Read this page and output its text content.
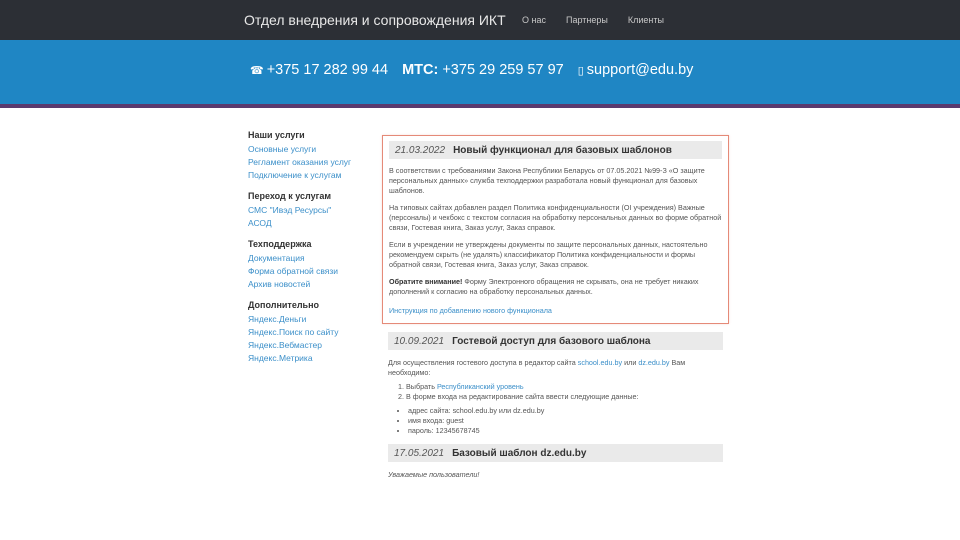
Отдел внедрения и сопровождения ИКТ О нас Партнеры Клиенты
☎ +375 17 282 99 44 МТС: +375 29 259 57 97 ▯ support@edu.by
Наши услуги
Основные услуги
Регламент оказания услуг
Подключение к услугам
Переход к услугам
СМС "Ивэд Ресурсы"
АСОД
Техподдержка
Документация
Форма обратной связи
Архив новостей
Дополнительно
Яндекс.Деньги
Яндекс.Поиск по сайту
Яндекс.Вебмастер
Яндекс.Метрика
21.03.2022 Новый функционал для базовых шаблонов

В соответствии с требованиями Закона Республики Беларусь от 07.05.2021 №99-З «О защите персональных данных» служба техподдержки разработала новый функционал для базовых шаблонов.

На типовых сайтах добавлен раздел Политика конфиденциальности (ОI учреждения) Важные (персоналы) и чекбокс с текстом согласия на обработку персональных данных во форме обратной связи, Гостевая книга, Заказ услуг, Заказ справок.

Если в учреждении не утверждены документы по защите персональных данных, настоятельно рекомендуем скрыть (не удалять) классификатор Политика конфиденциальности и формы обратной связи, Гостевая книга, Заказ услуг, Заказ справок.

Обратите внимание! Форму Электронного обращения не скрывать, она не требует никаких дополнений к согласию на обработку персональных данных.

Инструкция по добавлению нового функционала
10.09.2021 Гостевой доступ для базового шаблона

Для осуществления гостевого доступа в редактор сайта school.edu.by или dz.edu.by Вам необходимо:

1. Выбрать Республиканский уровень
2. В форме входа на редактирование сайта ввести следующие данные:
• адрес сайта: school.edu.by или dz.edu.by
• имя входа: guest
• пароль: 12345678745
17.05.2021 Базовый шаблон dz.edu.by
Уважаемые пользователи!
